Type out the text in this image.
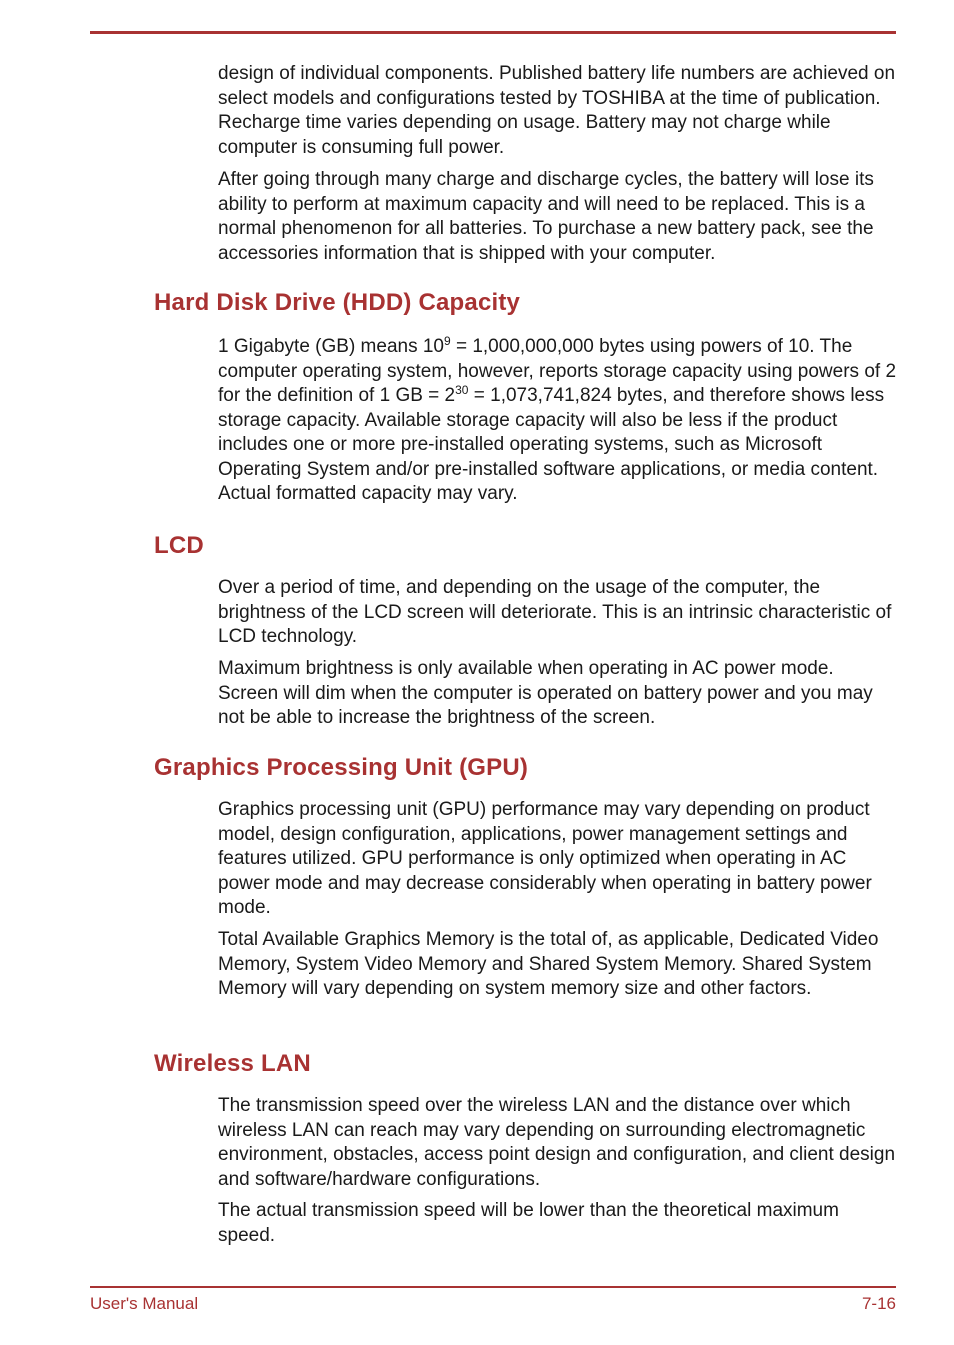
design of individual components. Published battery life numbers are achieved on select models and configurations tested by TOSHIBA at the time of publication. Recharge time varies depending on usage. Battery may not charge while computer is consuming full power.

After going through many charge and discharge cycles, the battery will lose its ability to perform at maximum capacity and will need to be replaced. This is a normal phenomenon for all batteries. To purchase a new battery pack, see the accessories information that is shipped with your computer.

Hard Disk Drive (HDD) Capacity

1 Gigabyte (GB) means $10^9 = 1,000,000,000$ bytes using powers of 10. The computer operating system, however, reports storage capacity using powers of 2 for the definition of 1 GB = $2^{30} = 1,073,741,824$ bytes, and therefore shows less storage capacity. Available storage capacity will also be less if the product includes one or more pre-installed operating systems, such as Microsoft Operating System and/or pre-installed software applications, or media content. Actual formatted capacity may vary.

LCD

Over a period of time, and depending on the usage of the computer, the brightness of the LCD screen will deteriorate. This is an intrinsic characteristic of LCD technology.

Maximum brightness is only available when operating in AC power mode. Screen will dim when the computer is operated on battery power and you may not be able to increase the brightness of the screen.

Graphics Processing Unit (GPU)

Graphics processing unit (GPU) performance may vary depending on product model, design configuration, applications, power management settings and features utilized. GPU performance is only optimized when operating in AC power mode and may decrease considerably when operating in battery power mode.

Total Available Graphics Memory is the total of, as applicable, Dedicated Video Memory, System Video Memory and Shared System Memory. Shared System Memory will vary depending on system memory size and other factors.

Wireless LAN

The transmission speed over the wireless LAN and the distance over which wireless LAN can reach may vary depending on surrounding electromagnetic environment, obstacles, access point design and configuration, and client design and software/hardware configurations.

The actual transmission speed will be lower than the theoretical maximum speed.

User's Manual	7-16
